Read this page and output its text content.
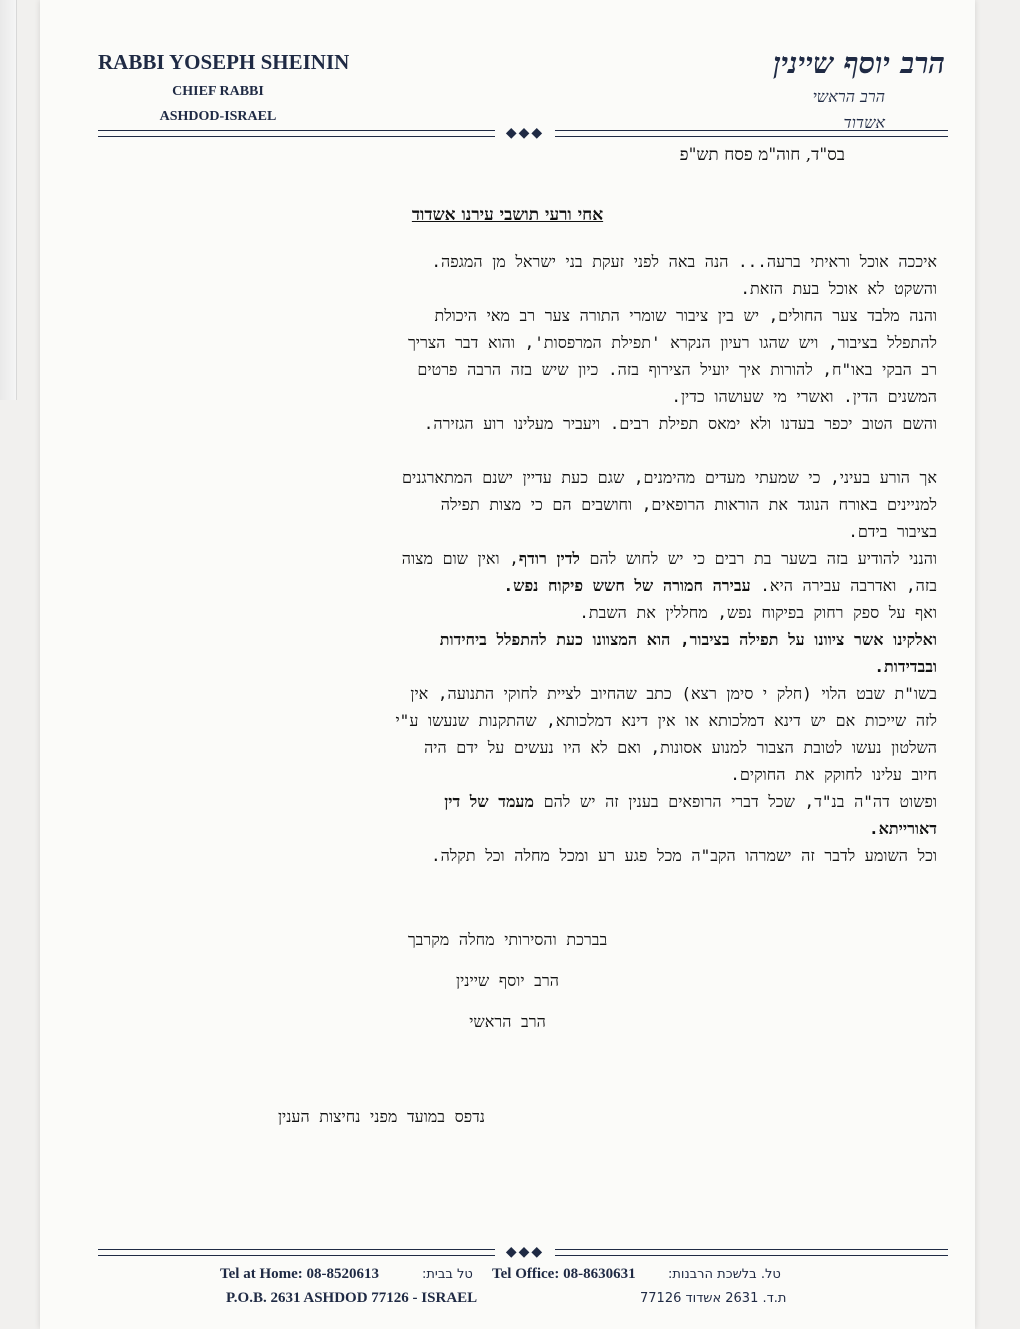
RABBI YOSEPH SHEININ
CHIEF RABBI
ASHDOD-ISRAEL
הרב יוסף שיינין
הרב הראשי
אשדוד
◆◆◆
בס"ד, חוה"מ פסח תש"פ
אחי ורעי תושבי עירנו אשדוד

איככה אוכל וראיתי ברעה... הנה באה לפני זעקת בני ישראל מן המגפה.

והשקט לא אוכל בעת הזאת.

והנה מלבד צער החולים, יש בין ציבור שומרי התורה צער רב מאי היכולת

להתפלל בציבור, ויש שהגו רעיון הנקרא 'תפילת המרפסות', והוא דבר הצריך

רב הבקי באו"ח, להורות איך יועיל הצירוף בזה. כיון שיש בזה הרבה פרטים

המשנים הדין. ואשרי מי שעושהו כדין.

והשם הטוב יכפר בעדנו ולא ימאס תפילת רבים. ויעביר מעלינו רוע הגזירה.

אך הורע בעיני, כי שמעתי מעדים מהימנים, שגם כעת עדיין ישנם המתארגנים

למניינים באורח הנוגד את הוראות הרופאים, וחושבים הם כי מצות תפילה

בציבור בידם.

והנני להודיע בזה בשער בת רבים כי יש לחוש להם לדין רודף, ואין שום מצוה

בזה, ואדרבה עבירה היא. עבירה חמורה של חשש פיקוח נפש.

ואף על ספק רחוק בפיקוח נפש, מחללין את השבת.

ואלקינו אשר ציוונו על תפילה בציבור, הוא המצוונו כעת להתפלל ביחידות

ובבדידות.

בשו"ת שבט הלוי (חלק י סימן רצא) כתב שהחיוב לציית לחוקי התנועה, אין

לזה שייכות אם יש דינא דמלכותא או אין דינא דמלכותא, שהתקנות שנעשו ע"י

השלטון נעשו לטובת הצבור למנוע אסונות, ואם לא היו נעשים על ידם היה

חיוב עלינו לחוקק את החוקים.

ופשוט דה"ה בנ"ד, שכל דברי הרופאים בענין זה יש להם מעמד של דין

דאורייתא.

וכל השומע לדבר זה ישמרהו הקב"ה מכל פגע רע ומכל מחלה וכל תקלה.

בברכת והסירותי מחלה מקרבך
הרב יוסף שיינין
הרב הראשי
נדפס במועד מפני נחיצות הענין
◆◆◆
Tel at Home: 08-8520613	טל בבית: Tel Office: 08-8630631 טל. בלשכת הרבנות:
P.O.B. 2631 ASHDOD 77126 - ISRAEL	ת.ד. 2631 אשדוד 77126
